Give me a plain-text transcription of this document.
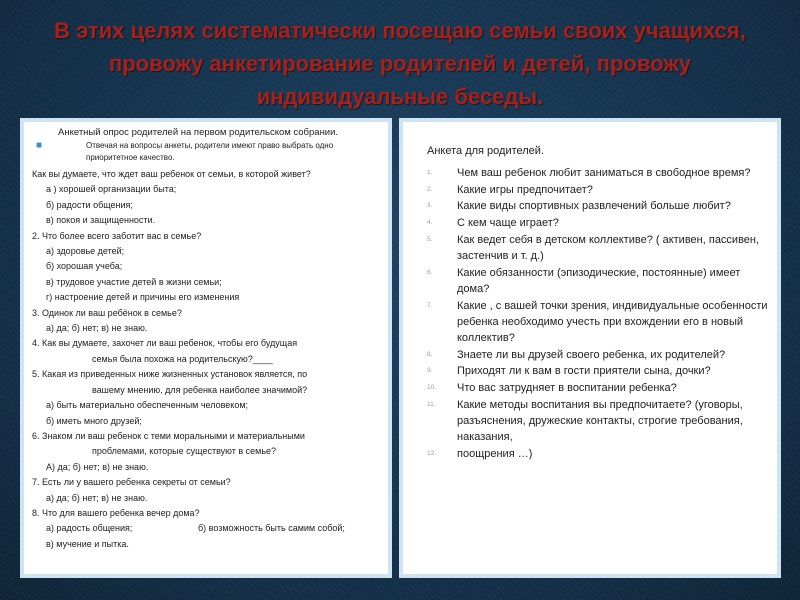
В этих целях систематически посещаю семьи своих учащихся, провожу анкетирование родителей и детей, провожу индивидуальные беседы.

Анкетный опрос родителей на первом родительском собрании.

■	Отвечая на вопросы анкеты, родители имеют право выбрать одно приоритетное качество.

Как вы думаете, что ждет ваш ребенок от семьи, в которой живет?

а ) хорошей организации быта;

б) радости общения;

в) покоя и защищенности.

2. Что более всего заботит вас в семье?

а) здоровье детей;

б) хорошая учеба;

в) трудовое участие детей в жизни семьи;

г) настроение детей и причины его изменения

3. Одинок ли ваш ребёнок в семье?

а) да; б) нет; в) не знаю.

4. Как вы думаете, захочет ли ваш ребенок, чтобы его будущая

семья была похожа на родительскую?____

5. Какая из приведенных ниже жизненных установок является, по

вашему мнению, для ребенка наиболее значимой?

а) быть материально обеспеченным человеком;

б) иметь много друзей;

6. Знаком ли ваш ребенок с теми моральными и материальными

проблемами, которые существуют в семье?

А) да; б) нет; в) не знаю.

7. Есть ли у вашего ребенка секреты от семьи?

а) да; б) нет; в) не знаю.

8. Что для вашего ребенка вечер дома?

а) радость общения;	б) возможность быть самим собой;

в) мучение и пытка.

Анкета для родителей.

1.	Чем ваш ребенок любит заниматься в свободное время?
2.	Какие игры предпочитает?
3.	Какие виды спортивных развлечений больше любит?
4.	С кем чаще играет?
5.	Как ведет себя в детском коллективе? ( активен, пассивен, застенчив и т. д.)
6.	Какие обязанности (эпизодические, постоянные) имеет дома?
7.	Какие , с вашей точки зрения, индивидуальные особенности ребенка необходимо учесть при вхождении его в новый коллектив?
8.	Знаете ли вы друзей своего ребенка, их родителей?
9.	Приходят ли к вам в гости приятели сына, дочки?
10.	Что вас затрудняет в воспитании ребенка?
11.	Какие методы воспитания вы предпочитаете? (уговоры, разъяснения, дружеские контакты, строгие требования, наказания,
12.	поощрения …)
